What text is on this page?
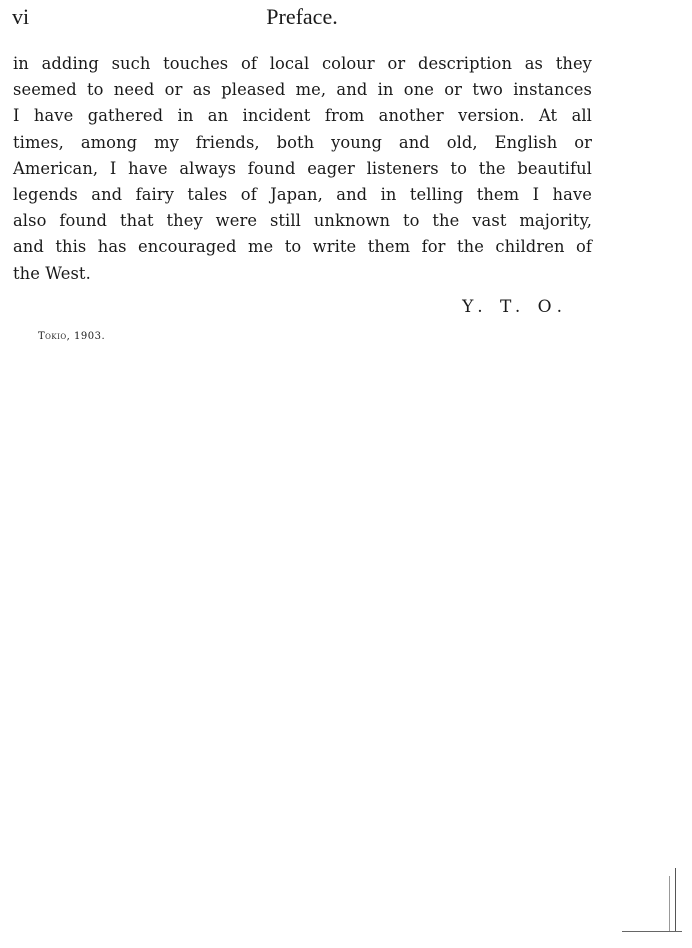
vi	Preface.
in adding such touches of local colour or description as they
seemed to need or as pleased me, and in one or two instances
I have gathered in an incident from another version. At all
times, among my friends, both young and old, English or
American, I have always found eager listeners to the beautiful
legends and fairy tales of Japan, and in telling them I have
also found that they were still unknown to the vast majority,
and this has encouraged me to write them for the children of
the West.
Y. T. O.
Tokio, 1903.
